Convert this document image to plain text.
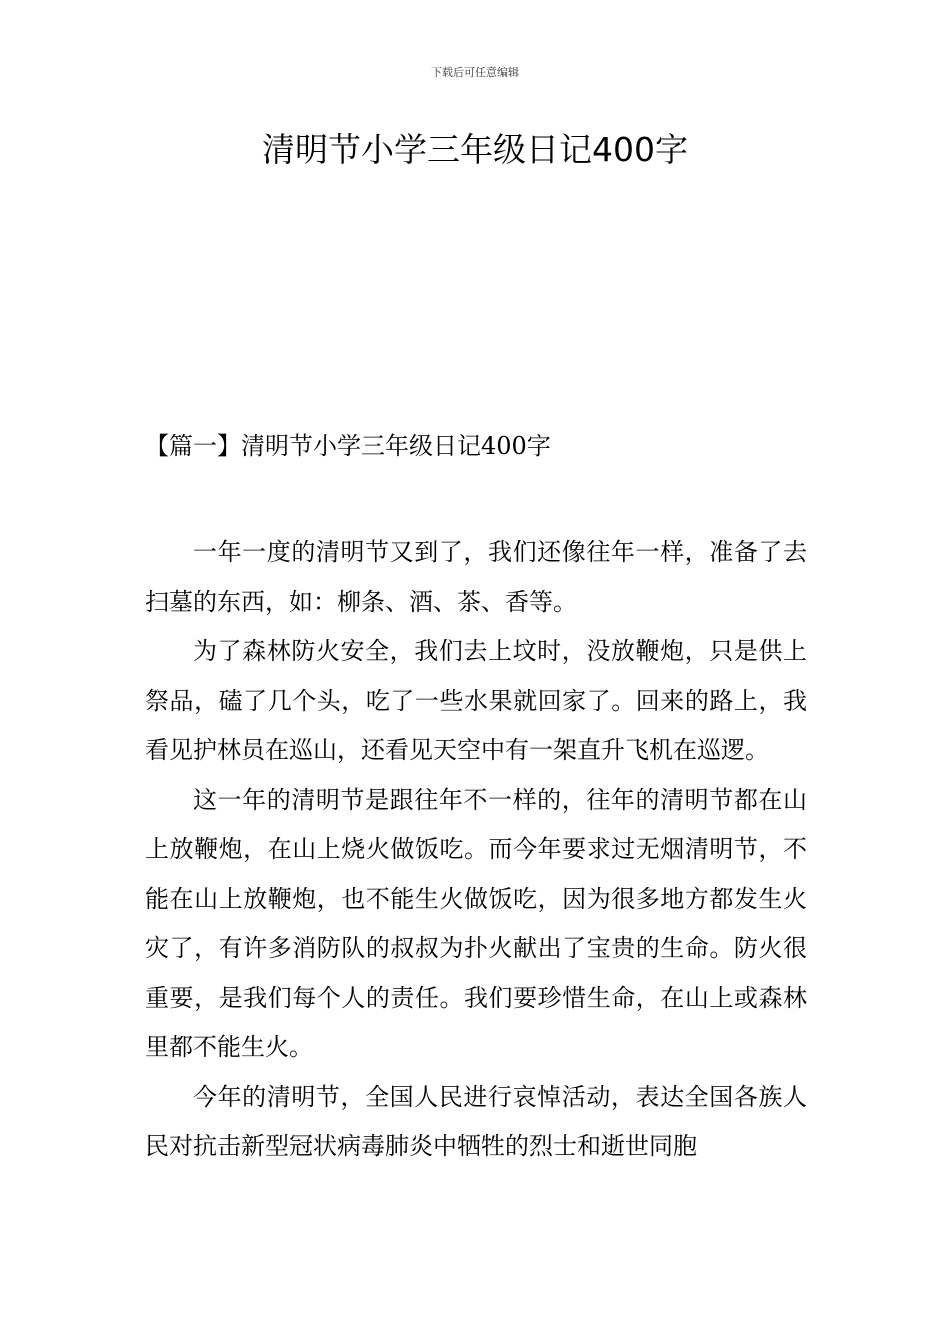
下载后可任意编辑
清明节小学三年级日记400字
【篇一】清明节小学三年级日记400字

一年一度的清明节又到了，我们还像往年一样，准备了去扫墓的东西，如：柳条、酒、茶、香等。

为了森林防火安全，我们去上坟时，没放鞭炮，只是供上祭品，磕了几个头，吃了一些水果就回家了。回来的路上，我看见护林员在巡山，还看见天空中有一架直升飞机在巡逻。

这一年的清明节是跟往年不一样的，往年的清明节都在山上放鞭炮，在山上烧火做饭吃。而今年要求过无烟清明节，不能在山上放鞭炮，也不能生火做饭吃，因为很多地方都发生火灾了，有许多消防队的叔叔为扑火献出了宝贵的生命。防火很重要，是我们每个人的责任。我们要珍惜生命，在山上或森林里都不能生火。

今年的清明节，全国人民进行哀悼活动，表达全国各族人民对抗击新型冠状病毒肺炎中牺牲的烈士和逝世同胞
